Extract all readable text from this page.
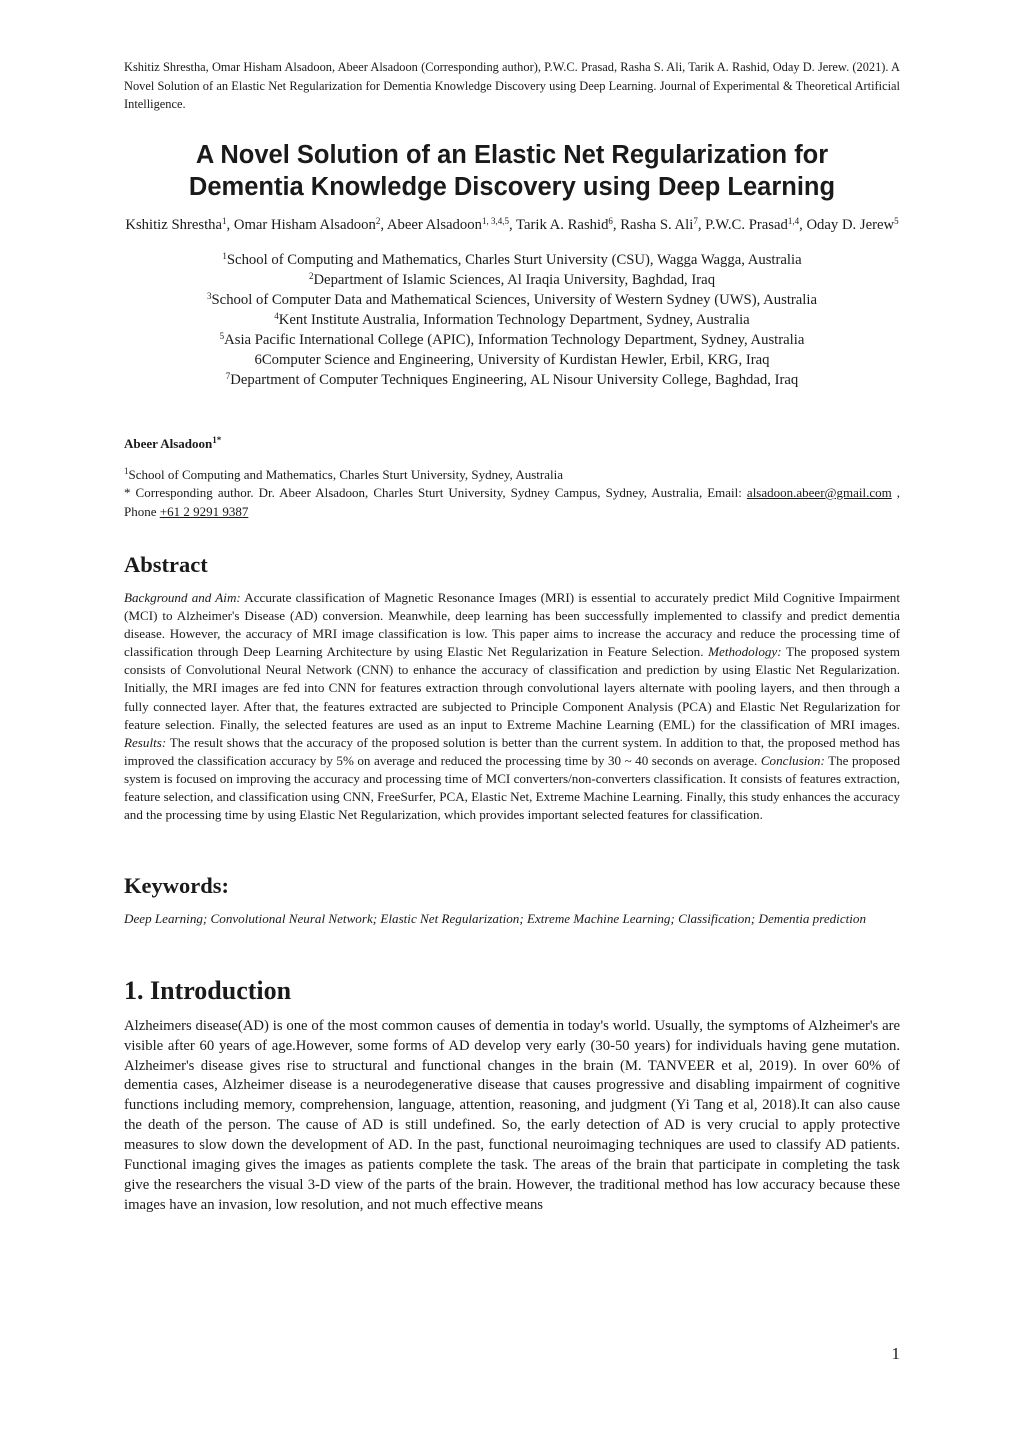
Kshitiz Shrestha, Omar Hisham Alsadoon, Abeer Alsadoon (Corresponding author), P.W.C. Prasad, Rasha S. Ali, Tarik A. Rashid, Oday D. Jerew. (2021). A Novel Solution of an Elastic Net Regularization for Dementia Knowledge Discovery using Deep Learning. Journal of Experimental & Theoretical Artificial Intelligence.

A Novel Solution of an Elastic Net Regularization for
Dementia Knowledge Discovery using Deep Learning

Kshitiz Shrestha$^1$, Omar Hisham Alsadoon$^2$, Abeer Alsadoon$^{1, 3,4,5}$, Tarik A. Rashid$^6$, Rasha S. Ali$^7$, P.W.C. Prasad$^{1,4}$, Oday D. Jerew$^5$

$^1$School of Computing and Mathematics, Charles Sturt University (CSU), Wagga Wagga, Australia
$^2$Department of Islamic Sciences, Al Iraqia University, Baghdad, Iraq
$^3$School of Computer Data and Mathematical Sciences, University of Western Sydney (UWS), Australia
$^4$Kent Institute Australia, Information Technology Department, Sydney, Australia
$^5$Asia Pacific International College (APIC), Information Technology Department, Sydney, Australia
6Computer Science and Engineering, University of Kurdistan Hewler, Erbil, KRG, Iraq
$^7$Department of Computer Techniques Engineering, AL Nisour University College, Baghdad, Iraq

Abeer Alsadoon$^{1*}$

$^1$School of Computing and Mathematics, Charles Sturt University, Sydney, Australia

* Corresponding author. Dr. Abeer Alsadoon, Charles Sturt University, Sydney Campus, Sydney, Australia, Email: alsadoon.abeer@gmail.com , Phone +61 2 9291 9387

Abstract

Background and Aim: Accurate classification of Magnetic Resonance Images (MRI) is essential to accurately predict Mild Cognitive Impairment (MCI) to Alzheimer's Disease (AD) conversion. Meanwhile, deep learning has been successfully implemented to classify and predict dementia disease. However, the accuracy of MRI image classification is low. This paper aims to increase the accuracy and reduce the processing time of classification through Deep Learning Architecture by using Elastic Net Regularization in Feature Selection. Methodology: The proposed system consists of Convolutional Neural Network (CNN) to enhance the accuracy of classification and prediction by using Elastic Net Regularization. Initially, the MRI images are fed into CNN for features extraction through convolutional layers alternate with pooling layers, and then through a fully connected layer. After that, the features extracted are subjected to Principle Component Analysis (PCA) and Elastic Net Regularization for feature selection. Finally, the selected features are used as an input to Extreme Machine Learning (EML) for the classification of MRI images. Results: The result shows that the accuracy of the proposed solution is better than the current system. In addition to that, the proposed method has improved the classification accuracy by 5% on average and reduced the processing time by 30 ~ 40 seconds on average. Conclusion: The proposed system is focused on improving the accuracy and processing time of MCI converters/non-converters classification. It consists of features extraction, feature selection, and classification using CNN, FreeSurfer, PCA, Elastic Net, Extreme Machine Learning. Finally, this study enhances the accuracy and the processing time by using Elastic Net Regularization, which provides important selected features for classification.

Keywords:

Deep Learning; Convolutional Neural Network; Elastic Net Regularization; Extreme Machine Learning; Classification; Dementia prediction

1. Introduction

Alzheimers disease(AD) is one of the most common causes of dementia in today's world. Usually, the symptoms of Alzheimer's are visible after 60 years of age.However, some forms of AD develop very early (30-50 years) for individuals having gene mutation. Alzheimer's disease gives rise to structural and functional changes in the brain (M. TANVEER et al, 2019). In over 60% of dementia cases, Alzheimer disease is a neurodegenerative disease that causes progressive and disabling impairment of cognitive functions including memory, comprehension, language, attention, reasoning, and judgment (Yi Tang et al, 2018).It can also cause the death of the person. The cause of AD is still undefined. So, the early detection of AD is very crucial to apply protective measures to slow down the development of AD. In the past, functional neuroimaging techniques are used to classify AD patients. Functional imaging gives the images as patients complete the task. The areas of the brain that participate in completing the task give the researchers the visual 3-D view of the parts of the brain. However, the traditional method has low accuracy because these images have an invasion, low resolution, and not much effective means

1
